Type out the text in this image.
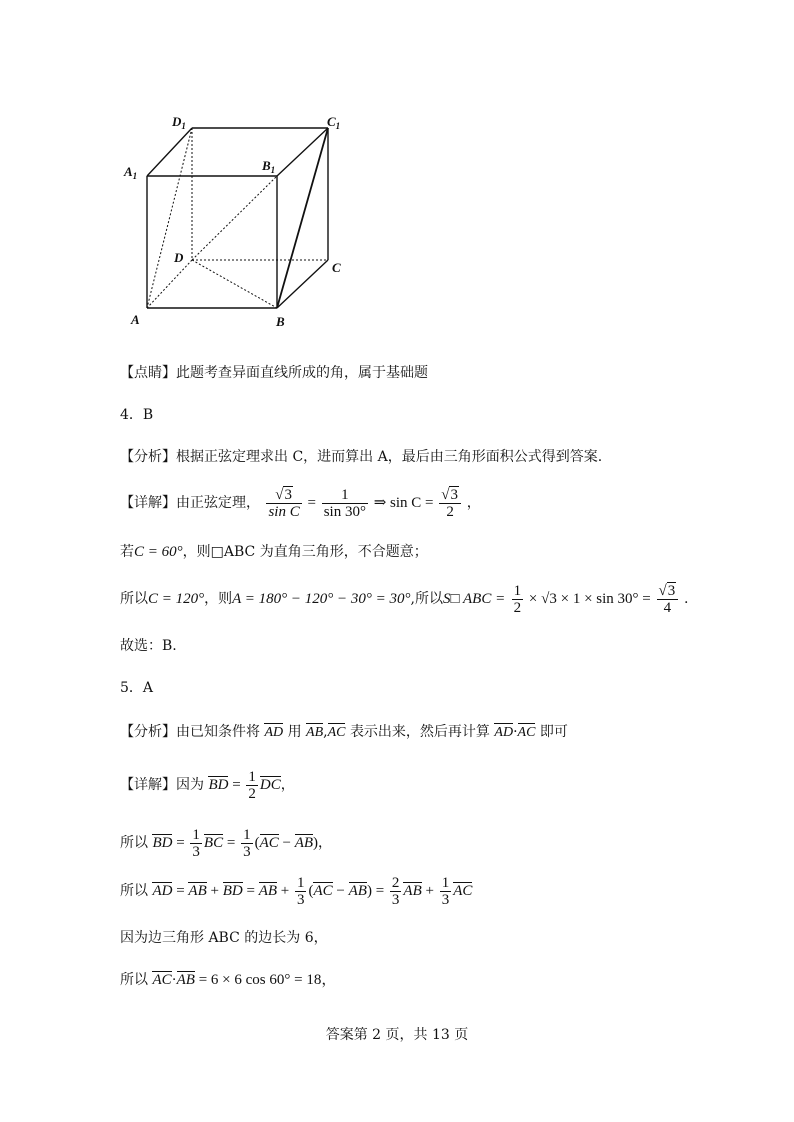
$D_1$	$C_1$
$A_1$
$B_1$
D
C
A	B
【点睛】此题考查异面直线所成的角，属于基础题
4．B
【分析】根据正弦定理求出 C，进而算出 A，最后由三角形面积公式得到答案.
【详解】由正弦定理， $\frac{√3}{\text{sin C}} = \frac{1}{\sin 30^\circ}$ ⇒ $\sin C = \frac{√3}{2}$ ，
若C = 60°，则□ABC 为直角三角形，不合题意；
所以C = 120°，则A = 180° − 120° − 30° = 30°,所以S□ ABC = $\frac{1}{2} \times √3 \times 1 \times \sin 30^\circ = \frac{√3}{4}$ .
故选：B.
5．A
【分析】由已知条件将 AD 用 AB,AC 表示出来，然后再计算 AD·AC 即可
【详解】因为 BD = $\frac{1}{2}$ DC，
所以 BD = $\frac{1}{3}$ BC = $\frac{1}{3} (AC - AB)$，
所以 AD = AB + BD = AB + $\frac{1}{3} (AC - AB) = \frac{2}{3}$ AB + $\frac{1}{3}$ AC
因为边三角形 ABC 的边长为 6，
所以 AC·AB = 6 × 6 cos 60° = 18，
答案第 2 页，共 13 页
